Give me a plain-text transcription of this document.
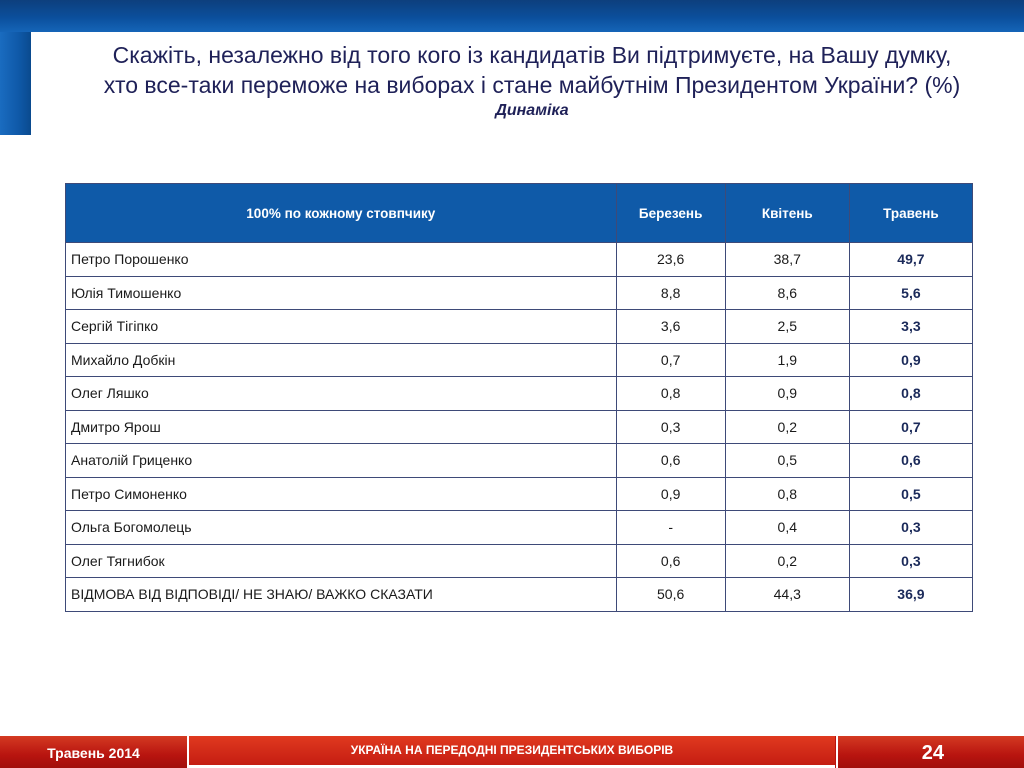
Скажіть, незалежно від того кого із кандидатів Ви підтримуєте, на Вашу думку,
хто все-таки переможе на виборах і стане майбутнім Президентом України? (%)
Динаміка
100% по кожному стовпчику	Березень	Квітень	Травень
Петро Порошенко	23,6	38,7	49,7
Юлія Тимошенко	8,8	8,6	5,6
Сергій Тігіпко	3,6	2,5	3,3
Михайло Добкін	0,7	1,9	0,9
Олег Ляшко	0,8	0,9	0,8
Дмитро Ярош	0,3	0,2	0,7
Анатолій Гриценко	0,6	0,5	0,6
Петро Симоненко	0,9	0,8	0,5
Ольга Богомолець	-	0,4	0,3
Олег Тягнибок	0,6	0,2	0,3
ВІДМОВА ВІД ВІДПОВІДІ/ НЕ ЗНАЮ/ ВАЖКО СКАЗАТИ	50,6	44,3	36,9
Травень 2014	УКРАЇНА НА ПЕРЕДОДНІ ПРЕЗИДЕНТСЬКИХ ВИБОРІВ	24
